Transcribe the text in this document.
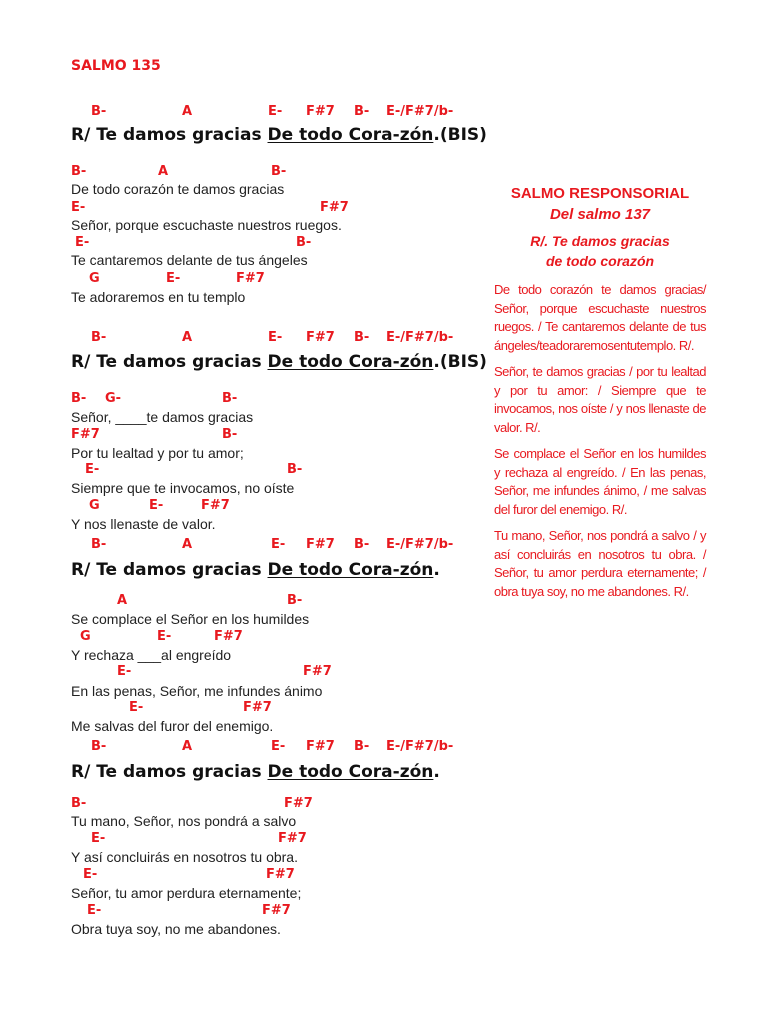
SALMO 135
B-	A	E- F#7 B- E-/F#7/b-
R/ Te damos gracias De todo Cora-zón.(BIS)
B-	A	B-
De todo corazón te damos gracias
E-	F#7
Señor, porque escuchaste nuestros ruegos.
E-	B-
Te cantaremos delante de tus ángeles
G	E-	F#7
Te adoraremos en tu templo
B-	A	E- F#7 B- E-/F#7/b-
R/ Te damos gracias De todo Cora-zón.(BIS)
B- G-	B-
Señor, ____te damos gracias
F#7	B-
Por tu lealtad y por tu amor;
E-	B-
Siempre que te invocamos, no oíste
G	E-	F#7
Y nos llenaste de valor.
B-	A	E- F#7 B- E-/F#7/b-
R/ Te damos gracias De todo Cora-zón.
A	B-
Se complace el Señor en los humildes
G	E-	F#7
Y rechaza ___al engreído
E-	F#7
En las penas, Señor, me infundes ánimo
E-	F#7
Me salvas del furor del enemigo.
B-	A	E- F#7 B- E-/F#7/b-
R/ Te damos gracias De todo Cora-zón.
B-	F#7
Tu mano, Señor, nos pondrá a salvo
E-	F#7
Y así concluirás en nosotros tu obra.
E-	F#7
Señor, tu amor perdura eternamente;
E-	F#7
Obra tuya soy, no me abandones.
SALMO RESPONSORIAL
Del salmo 137
R/. Te damos gracias
de todo corazón

De todo corazón te damos gracias/ Señor, porque escuchaste nuestros ruegos. / Te cantaremos delante de tus ángeles/teadoraremosentutemplo. R/.

Señor, te damos gracias / por tu lealtad y por tu amor: / Siempre que te invocamos, nos oíste / y nos llenaste de valor. R/.

Se complace el Señor en los humildes y rechaza al engreído. / En las penas, Señor, me infundes ánimo, / me salvas del furor del enemigo. R/.

Tu mano, Señor, nos pondrá a salvo / y así concluirás en nosotros tu obra. / Señor, tu amor perdura eternamente; / obra tuya soy, no me abandones. R/.
